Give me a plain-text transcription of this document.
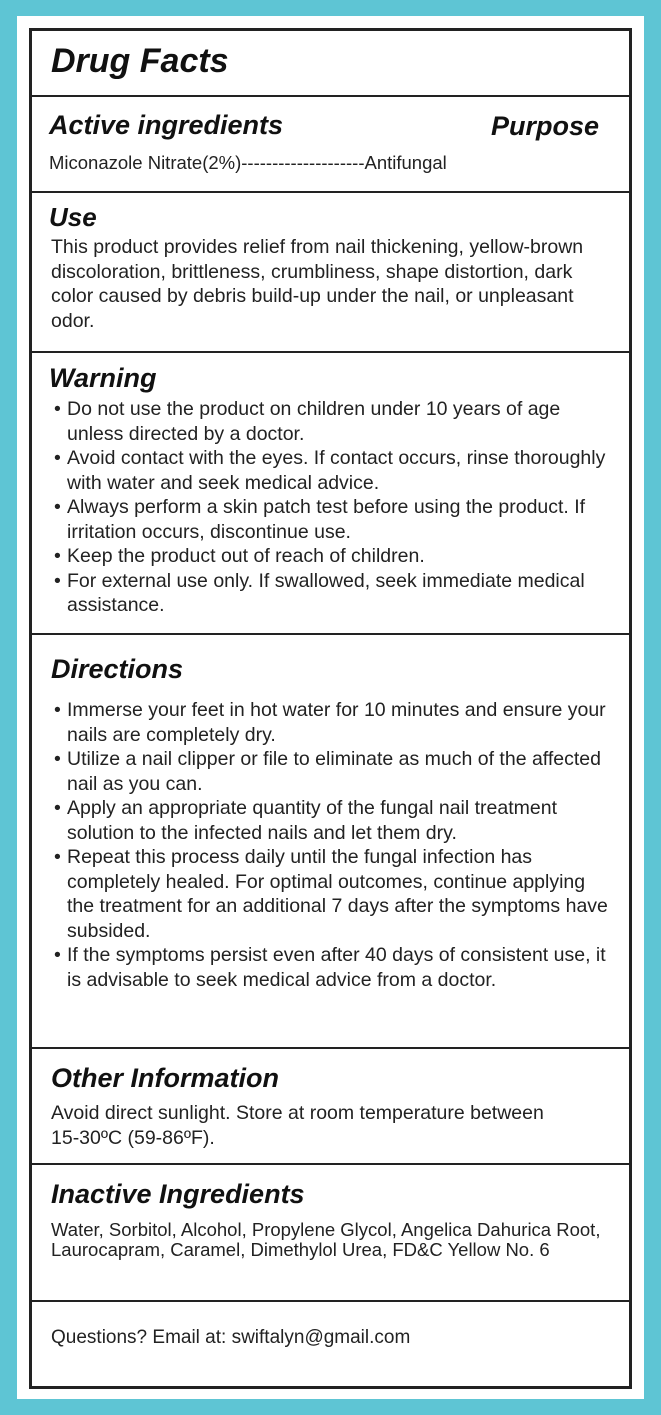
Drug Facts
Active ingredients	Purpose
Miconazole Nitrate(2%)--------------------Antifungal
Use
This product provides relief from nail thickening, yellow-brown discoloration, brittleness, crumbliness, shape distortion, dark color caused by debris build-up under the nail, or unpleasant odor.
Warning
• Do not use the product on children under 10 years of age unless directed by a doctor.
• Avoid contact with the eyes. If contact occurs, rinse thoroughly with water and seek medical advice.
• Always perform a skin patch test before using the product. If irritation occurs, discontinue use.
• Keep the product out of reach of children.
• For external use only. If swallowed, seek immediate medical assistance.
Directions
• Immerse your feet in hot water for 10 minutes and ensure your nails are completely dry.
• Utilize a nail clipper or file to eliminate as much of the affected nail as you can.
• Apply an appropriate quantity of the fungal nail treatment solution to the infected nails and let them dry.
• Repeat this process daily until the fungal infection has completely healed. For optimal outcomes, continue applying the treatment for an additional 7 days after the symptoms have subsided.
• If the symptoms persist even after 40 days of consistent use, it is advisable to seek medical advice from a doctor.
Other Information
Avoid direct sunlight. Store at room temperature between 15-30ºC (59-86ºF).
Inactive Ingredients
Water, Sorbitol, Alcohol, Propylene Glycol, Angelica Dahurica Root, Laurocapram, Caramel, Dimethylol Urea, FD&C Yellow No. 6
Questions? Email at: swiftalyn@gmail.com
